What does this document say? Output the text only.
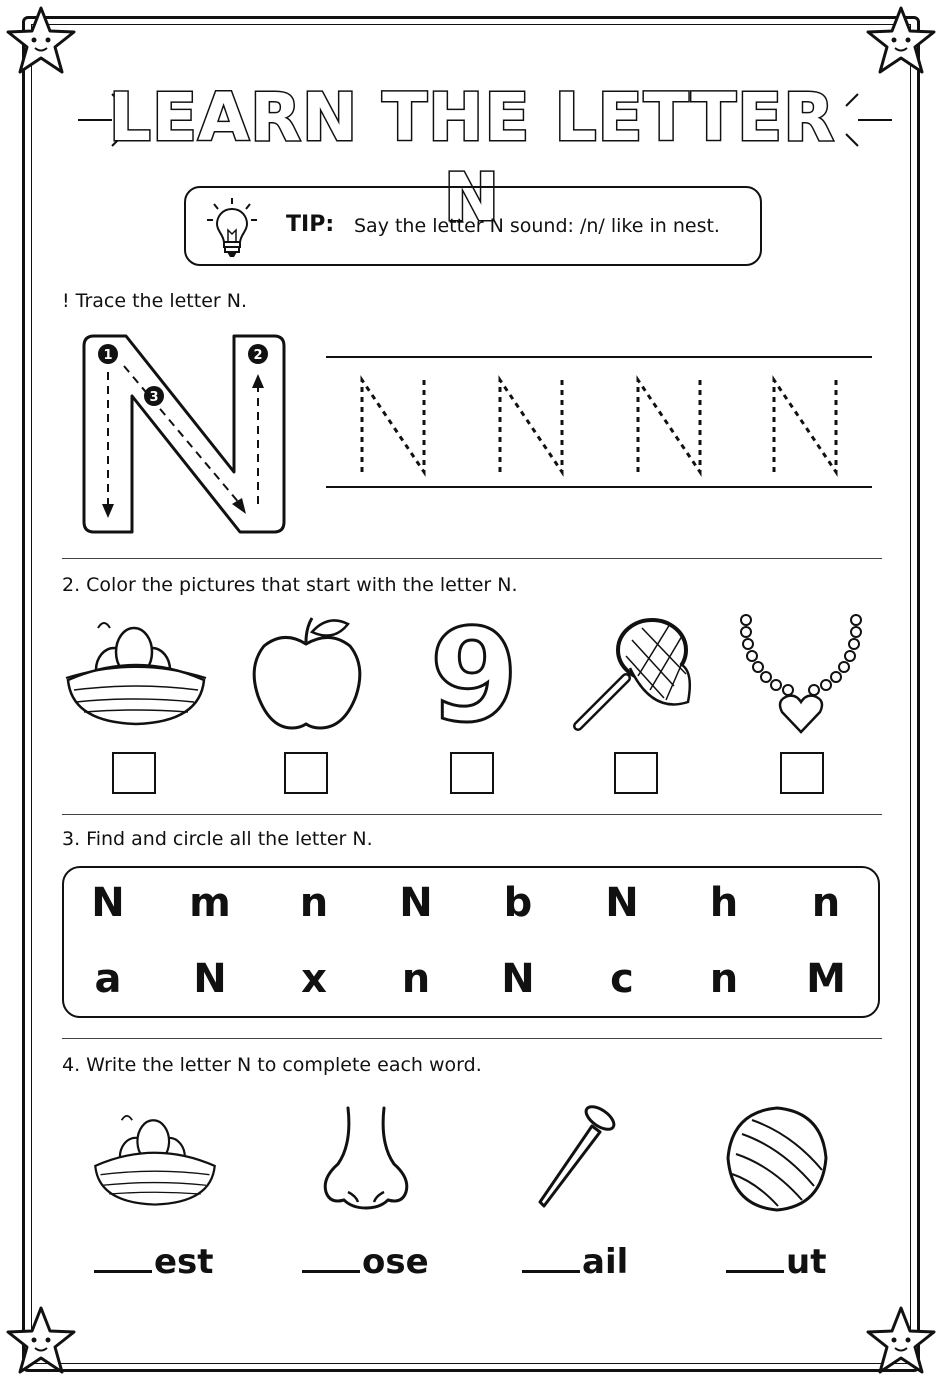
LEARN THE LETTER N
TIP: Say the letter N sound: /n/ like in nest.
! Trace the letter N.
1	2
3
2. Color the pictures that start with the letter N.
9
3. Find and circle all the letter N.
N	m	n	N	b	N	h	n
a	N	x	n	N	c	n	M
4. Write the letter N to complete each word.
est	ose	ail	ut
